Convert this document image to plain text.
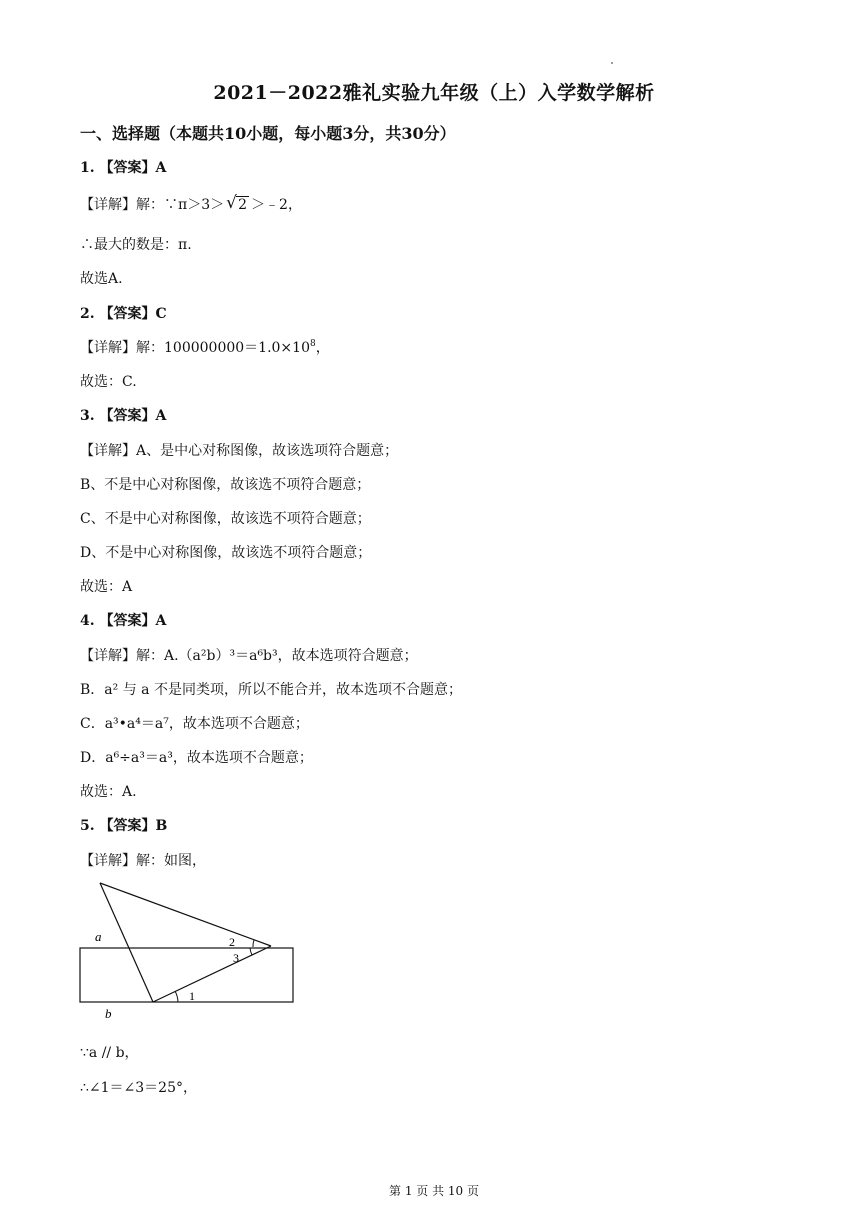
2021－2022雅礼实验九年级（上）入学数学解析
一、选择题（本题共10小题，每小题3分，共30分）
1. 【答案】A
【详解】解：∵π＞3＞ √ 2 ＞﹣2，
∴最大的数是：π.
故选A.
2. 【答案】C
【详解】解：$100000000=1.0\times 10^8$，
故选：C.
3. 【答案】A
【详解】A、是中心对称图像，故该选项符合题意；
B、不是中心对称图像，故该选不项符合题意；
C、不是中心对称图像，故该选不项符合题意；
D、不是中心对称图像，故该选不项符合题意；
故选：A
4. 【答案】A
【详解】解：A.（a²b）³＝a⁶b³，故本选项符合题意；
B．a² 与 a 不是同类项，所以不能合并，故本选项不合题意；
C．a³•a⁴＝a⁷，故本选项不合题意；
D．a⁶÷a³＝a³，故本选项不合题意；
故选：A.
5. 【答案】B
【详解】解：如图，
a
b
1
2
3
∵a // b，
∴∠1＝∠3＝25°，
第 1 页 共 10 页
